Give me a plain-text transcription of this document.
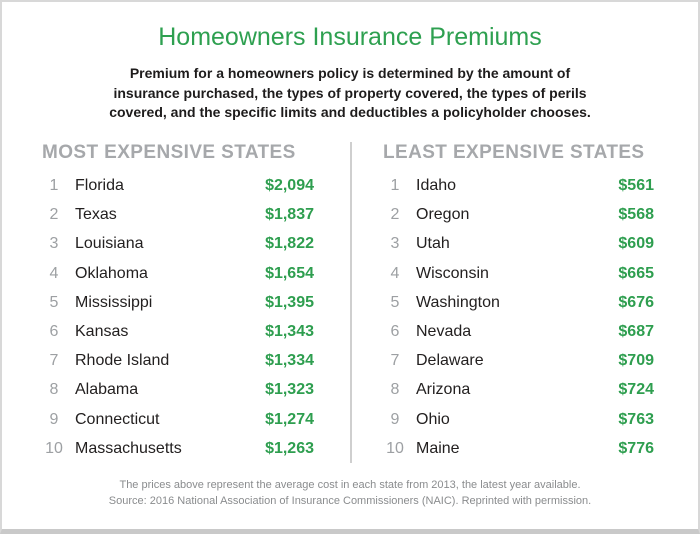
Homeowners Insurance Premiums
Premium for a homeowners policy is determined by the amount of
insurance purchased, the types of property covered, the types of perils
covered, and the specific limits and deductibles a policyholder chooses.
MOST EXPENSIVE STATES
1	Florida	$2,094
2	Texas	$1,837
3	Louisiana	$1,822
4	Oklahoma	$1,654
5	Mississippi	$1,395
6	Kansas	$1,343
7	Rhode Island	$1,334
8	Alabama	$1,323
9	Connecticut	$1,274
10 Massachusetts	$1,263
LEAST EXPENSIVE STATES
1	Idaho	$561
2	Oregon	$568
3	Utah	$609
4	Wisconsin	$665
5	Washington	$676
6	Nevada	$687
7	Delaware	$709
8	Arizona	$724
9	Ohio	$763
10 Maine	$776
The prices above represent the average cost in each state from 2013, the latest year available.
Source: 2016 National Association of Insurance Commissioners (NAIC). Reprinted with permission.
